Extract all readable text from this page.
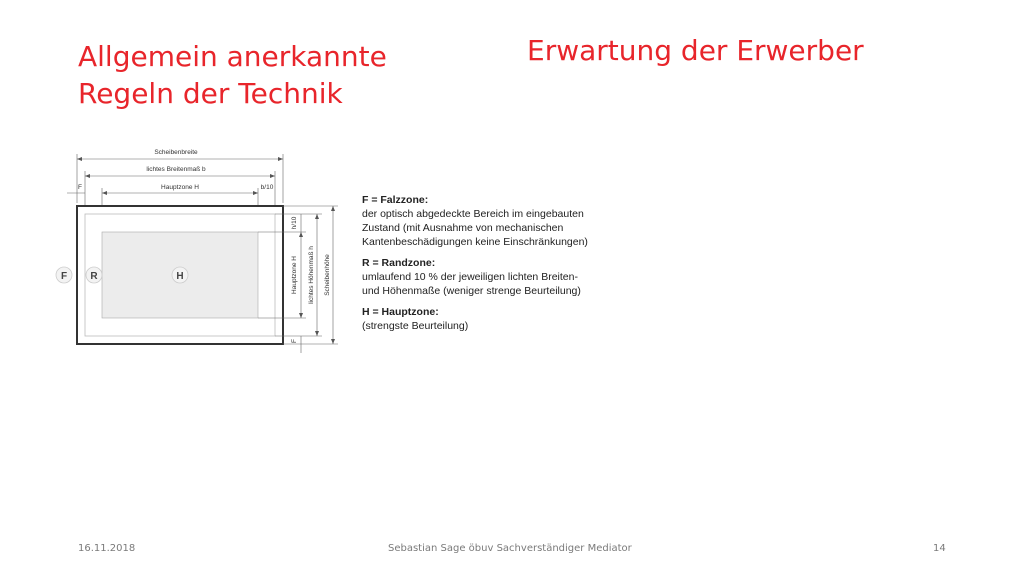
Allgemein anerkannte
Regeln der Technik
Erwartung der Erwerber
Scheibenbreite
lichtes Breitenmaß b
Hauptzone H
F	b/10
F R	H
h/10
Hauptzone H lichtes Höhenmaß h Scheibenhöhe
F
F = Falzzone:
der optisch abgedeckte Bereich im eingebauten
Zustand (mit Ausnahme von mechanischen
Kantenbeschädigungen keine Einschränkungen)
R = Randzone:
umlaufend 10 % der jeweiligen lichten Breiten-
und Höhenmaße (weniger strenge Beurteilung)
H = Hauptzone:
(strengste Beurteilung)
16.11.2018	Sebastian Sage öbuv Sachverständiger Mediator	14
